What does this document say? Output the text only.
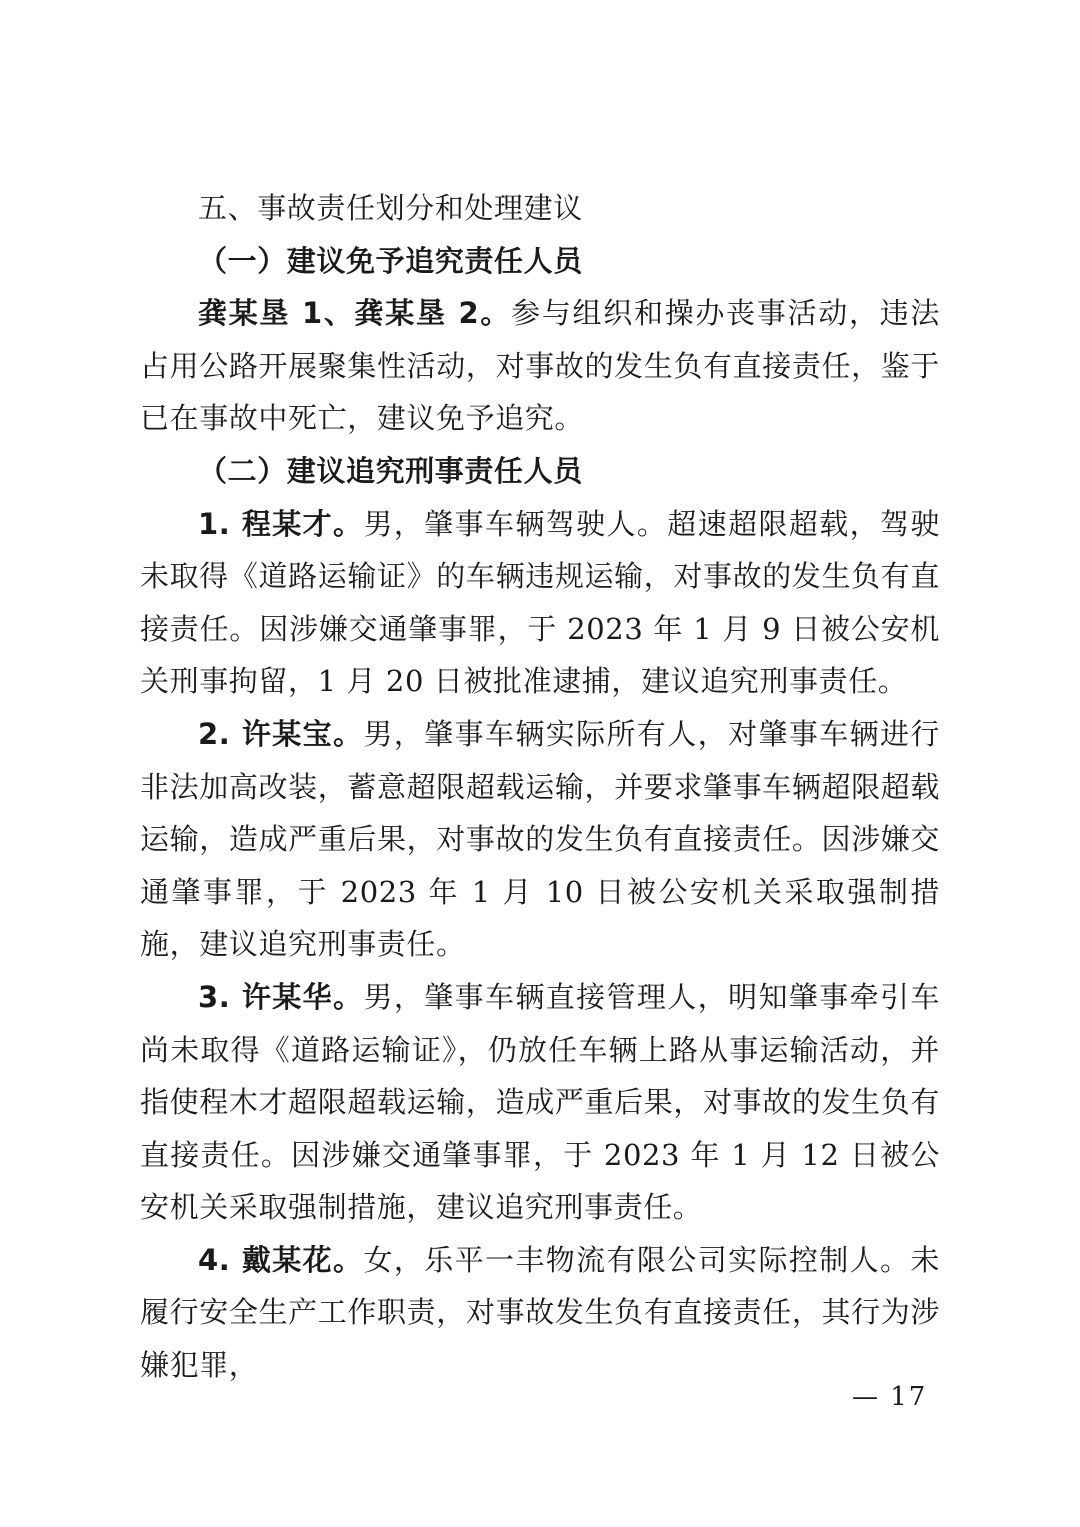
五、事故责任划分和处理建议

（一）建议免予追究责任人员

龚某垦 1、龚某垦 2。参与组织和操办丧事活动，违法占用公路开展聚集性活动，对事故的发生负有直接责任，鉴于已在事故中死亡，建议免予追究。

（二）建议追究刑事责任人员

1. 程某才。男，肇事车辆驾驶人。超速超限超载，驾驶未取得《道路运输证》的车辆违规运输，对事故的发生负有直接责任。因涉嫌交通肇事罪，于 2023 年 1 月 9 日被公安机关刑事拘留，1 月 20 日被批准逮捕，建议追究刑事责任。

2. 许某宝。男，肇事车辆实际所有人，对肇事车辆进行非法加高改装，蓄意超限超载运输，并要求肇事车辆超限超载运输，造成严重后果，对事故的发生负有直接责任。因涉嫌交通肇事罪，于 2023 年 1 月 10 日被公安机关采取强制措施，建议追究刑事责任。

3. 许某华。男，肇事车辆直接管理人，明知肇事牵引车尚未取得《道路运输证》，仍放任车辆上路从事运输活动，并指使程木才超限超载运输，造成严重后果，对事故的发生负有直接责任。因涉嫌交通肇事罪，于 2023 年 1 月 12 日被公安机关采取强制措施，建议追究刑事责任。

4. 戴某花。女，乐平一丰物流有限公司实际控制人。未履行安全生产工作职责，对事故发生负有直接责任，其行为涉嫌犯罪，

— 17
